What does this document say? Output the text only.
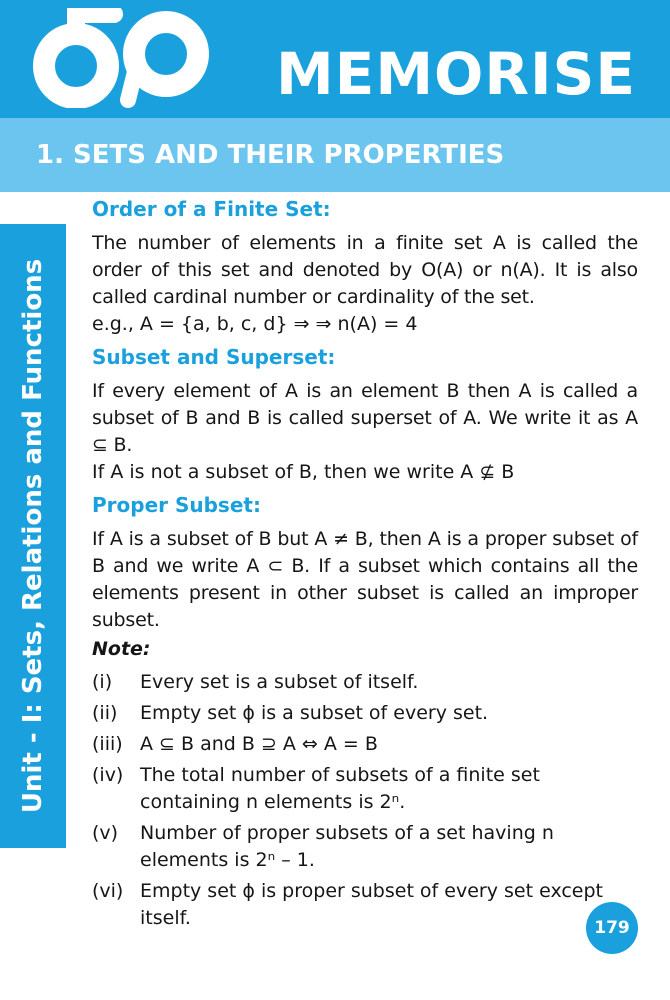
MEMORISE
1. SETS AND THEIR PROPERTIES
Unit - I: Sets, Relations and Functions
Order of a Finite Set:

The number of elements in a finite set A is called the order of this set and denoted by O(A) or n(A). It is also called cardinal number or cardinality of the set.

e.g., A = {a, b, c, d} ⇒ ⇒ n(A) = 4

Subset and Superset:

If every element of A is an element B then A is called a subset of B and B is called superset of A. We write it as A ⊆ B.

If A is not a subset of B, then we write A ⊈ B

Proper Subset:

If A is a subset of B but A ≠ B, then A is a proper subset of B and we write A ⊂ B. If a subset which contains all the elements present in other subset is called an improper subset.

Note:
(i)	Every set is a subset of itself.
(ii)	Empty set ϕ is a subset of every set.
(iii) A ⊆ B and B ⊇ A ⇔ A = B
(iv) The total number of subsets of a finite set containing n elements is 2ⁿ.
(v)	Number of proper subsets of a set having n elements is 2ⁿ – 1.
(vi) Empty set ϕ is proper subset of every set except itself.	179
